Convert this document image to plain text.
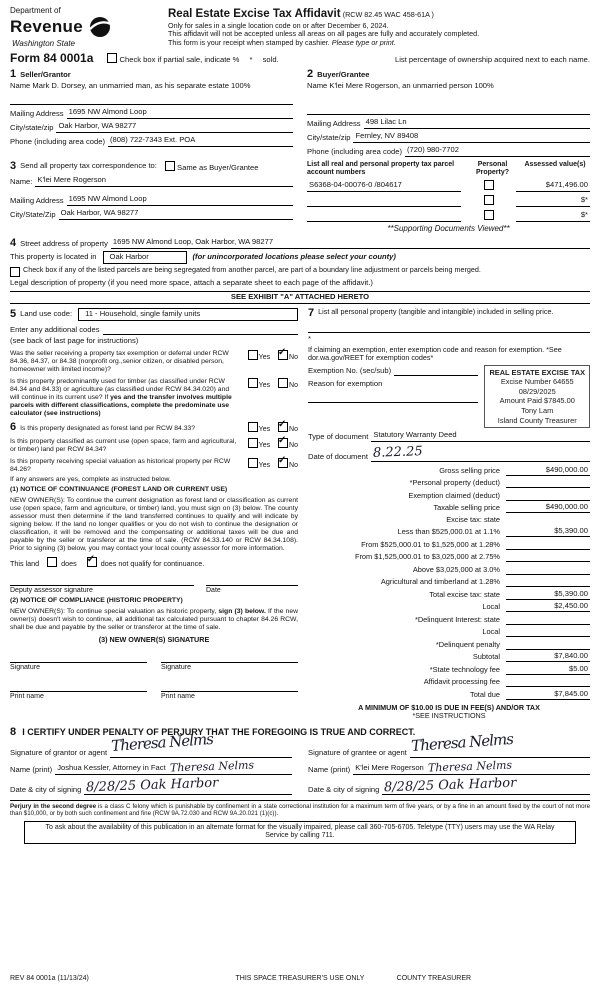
Department of
Revenue
Washington State
Real Estate Excise Tax Affidavit (RCW 82.45 WAC 458-61A )
Only for sales in a single location code on or after December 6, 2024.
This affidavit will not be accepted unless all areas on all pages are fully and accurately completed.
This form is your receipt when stamped by cashier. Please type or print.
Form 84 0001a	Check box if partial sale, indicate % * sold.	List percentage of ownership acquired next to each name.
1 Seller/Grantor
Name Mark D. Dorsey, an unmarried man, as his separate estate 100%
Mailing Address 1695 NW Almond Loop
City/state/zip Oak Harbor, WA 98277
Phone (including area code) (808) 722-7343 Ext. POA
2 Buyer/Grantee
Name K'lei Mere Rogerson, an unmarried person 100%
Mailing Address 498 Lilac Ln
City/state/zip Fernley, NV 89408
Phone (including area code) (720) 980-7702
3 Send all property tax correspondence to:	Same as Buyer/Grantee
Name: K'lei Mere Rogerson
Mailing Address 1695 NW Almond Loop
City/State/Zip Oak Harbor, WA 98277
List all real and personal property tax parcel account numbers
Personal Property?
Assessed value(s)
S6368-04-00076-0 /804617	$471,496.00
$*
$*
**Supporting Documents Viewed**
4 Street address of property 1695 NW Almond Loop, Oak Harbor, WA 98277
This property is located in	Oak Harbor	(for unincorporated locations please select your county)
Check box if any of the listed parcels are being segregated from another parcel, are part of a boundary line adjustment or parcels being merged.
Legal description of property (if you need more space, attach a separate sheet to each page of the affidavit.)
SEE EXHIBIT "A" ATTACHED HERETO
5 Land use code:	11 - Household, single family units
Enter any additional codes
(see back of last page for instructions)
Was the seller receiving a property tax exemption or deferral under RCW 84.36, 84.37, or 84.38 (nonprofit org.,senior citizen, or disabled person, homeowner with limited income)?
Yes ✓	No
Is this property predominantly used for timber (as classified under RCW 84.34 and 84.33) or agriculture (as classified under RCW 84.34.020) and will continue in its current use? If yes and the transfer involves multiple parcels with different classifications, complete the predominate use calculator (see instructions)
Yes	No
6 Is this property designated as forest land per RCW 84.33?	Yes ✓	No
Is this property classified as current use (open space, farm and agricultural, or timber) land per RCW 84.34?
Yes ✓	No
Is this property receiving special valuation as historical property per RCW 84.26?
Yes ✓	No
If any answers are yes, complete as instructed below.
(1) NOTICE OF CONTINUANCE (FOREST LAND OR CURRENT USE)
NEW OWNER(S): To continue the current designation as forest land or classification as current use (open space, farm and agriculture, or timber) land, you must sign on (3) below. The county assessor must then determine if the land transferred continues to qualify and will indicate by signing below. If the land no longer qualifies or you do not wish to continue the designation or classification, it will be removed and the compensating or additional taxes will be due and payable by the seller or transferor at the time of sale. (RCW 84.33.140 or RCW 84.34.108). Prior to signing (3) below, you may contact your local county assessor for more information.
This land	does ✓	does not qualify for continuance.
Deputy assessor signature	Date
(2) NOTICE OF COMPLIANCE (HISTORIC PROPERTY)
NEW OWNER(S): To continue special valuation as historic property, sign (3) below. If the new owner(s) doesn't wish to continue, all additional tax calculated pursuant to chapter 84.26 RCW, shall be due and payable by the seller or transferor at the time of sale.
(3) NEW OWNER(S) SIGNATURE
Signature	Signature
Print name	Print name
7 List all personal property (tangible and intangible) included in selling price.
*
If claiming an exemption, enter exemption code and reason for exemption. *See dor.wa.gov/REET for exemption codes*
Exemption No. (sec/sub)
Reason for exemption
REAL ESTATE EXCISE TAX
Excise Number 64655
08/29/2025
Amount Paid $7845.00
Tony Lam
Island County Treasurer
Type of document Statutory Warranty Deed
Date of document 8.22.25
Gross selling price	$490,000.00
*Personal property (deduct)
Exemption claimed (deduct)
Taxable selling price	$490,000.00
Excise tax: state
Less than $525,000.01 at 1.1%	$5,390.00
From $525,000.01 to $1,525,000 at 1.28%
From $1,525,000.01 to $3,025,000 at 2.75%
Above $3,025,000 at 3.0%
Agricultural and timberland at 1.28%
Total excise tax: state	$5,390.00
Local	$2,450.00
*Delinquent Interest: state
Local
*Delinquent penalty
Subtotal	$7,840.00
*State technology fee	$5.00
Affidavit processing fee
Total due	$7,845.00
A MINIMUM OF $10.00 IS DUE IN FEE(S) AND/OR TAX
*SEE INSTRUCTIONS
8 I CERTIFY UNDER PENALTY OF PERJURY THAT THE FOREGOING IS TRUE AND CORRECT.
Signature of grantor or agent Theresa Nelms
Name (print) Joshua Kessler, Attorney in Fact Theresa Nelms
Date & city of signing 8/28/25 Oak Harbor
Signature of grantee or agent Theresa Nelms
Name (print) K'lei Mere Rogerson Theresa Nelms
Date & city of signing 8/28/25 Oak Harbor
Perjury in the second degree is a class C felony which is punishable by confinement in a state correctional institution for a maximum term of five years, or by a fine in an amount fixed by the court of not more than $10,000, or by both such confinement and fine (RCW 9A.72.030 and RCW 9A.20.021 (1)(c)).
To ask about the availability of this publication in an alternate format for the visually impaired, please call 360-705-6705. Teletype (TTY) users may use the WA Relay Service by calling 711.
REV 84 0001a (11/13/24)	THIS SPACE TREASURER'S USE ONLY	COUNTY TREASURER
